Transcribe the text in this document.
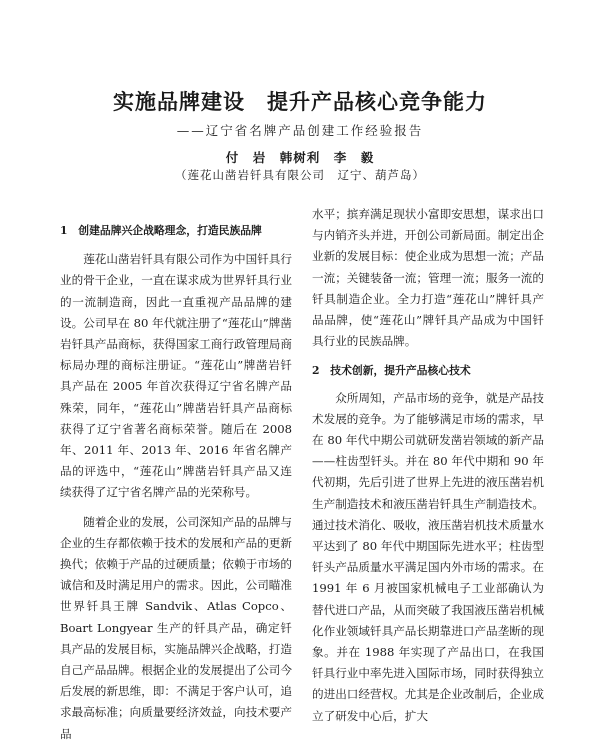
实施品牌建设　提升产品核心竞争能力
——辽宁省名牌产品创建工作经验报告
付　岩　韩树利　李　毅
（莲花山凿岩钎具有限公司　辽宁、葫芦岛）
1　创建品牌兴企战略理念，打造民族品牌

莲花山凿岩钎具有限公司作为中国钎具行业的骨干企业，一直在谋求成为世界钎具行业的一流制造商，因此一直重视产品品牌的建设。公司早在 80 年代就注册了“莲花山”牌凿岩钎具产品商标，获得国家工商行政管理局商标局办理的商标注册证。“莲花山”牌凿岩钎具产品在 2005 年首次获得辽宁省名牌产品殊荣，同年，“莲花山”牌凿岩钎具产品商标获得了辽宁省著名商标荣誉。随后在 2008 年、2011 年、2013 年、2016 年省名牌产品的评选中，“莲花山”牌凿岩钎具产品又连续获得了辽宁省名牌产品的光荣称号。

随着企业的发展，公司深知产品的品牌与企业的生存都依赖于技术的发展和产品的更新换代；依赖于产品的过硬质量；依赖于市场的诚信和及时满足用户的需求。因此，公司瞄准世界钎具王牌 Sandvik、Atlas Copco、Boart Longyear 生产的钎具产品，确定钎具产品的发展目标，实施品牌兴企战略，打造自己产品品牌。根据企业的发展提出了公司今后发展的新思维，即：不满足于客户认可，追求最高标准；向质量要经济效益，向技术要产品

水平；摈弃满足现状小富即安思想，谋求出口与内销齐头并进，开创公司新局面。制定出企业新的发展目标：使企业成为思想一流；产品一流；关键装备一流；管理一流；服务一流的钎具制造企业。全力打造“莲花山”牌钎具产品品牌，使“莲花山”牌钎具产品成为中国钎具行业的民族品牌。

2　技术创新，提升产品核心技术

众所周知，产品市场的竞争，就是产品技术发展的竞争。为了能够满足市场的需求，早在 80 年代中期公司就研发凿岩领域的新产品——柱齿型钎头。并在 80 年代中期和 90 年代初期，先后引进了世界上先进的液压凿岩机生产制造技术和液压凿岩钎具生产制造技术。通过技术消化、吸收，液压凿岩机技术质量水平达到了 80 年代中期国际先进水平；柱齿型钎头产品质量水平满足国内外市场的需求。在 1991 年 6 月被国家机械电子工业部确认为替代进口产品，从而突破了我国液压凿岩机械化作业领域钎具产品长期靠进口产品垄断的现象。并在 1988 年实现了产品出口，在我国钎具行业中率先进入国际市场，同时获得独立的进出口经营权。尤其是企业改制后，企业成立了研发中心后，扩大
